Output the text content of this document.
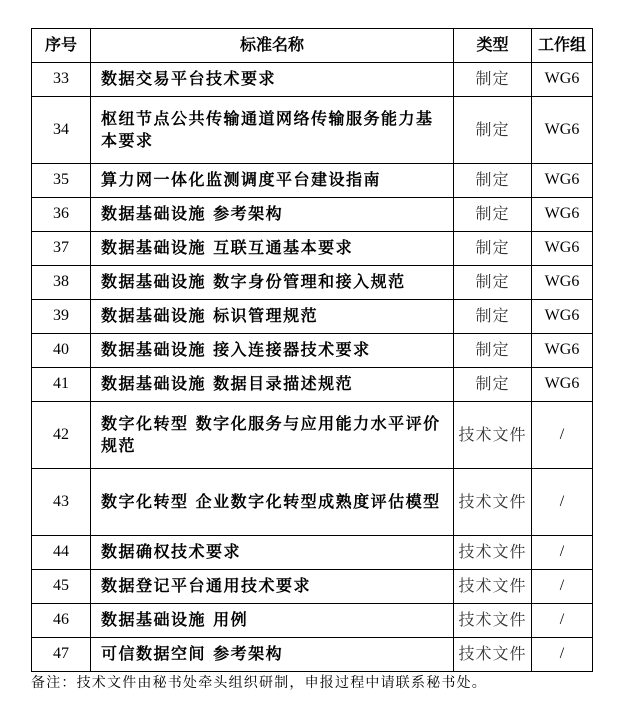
序号	标准名称	类型	工作组
33	数据交易平台技术要求	制定	WG6
34	枢纽节点公共传输通道网络传输服务能力基本要求	制定	WG6
35	算力网一体化监测调度平台建设指南	制定	WG6
36	数据基础设施 参考架构	制定	WG6
37	数据基础设施 互联互通基本要求	制定	WG6
38	数据基础设施 数字身份管理和接入规范	制定	WG6
39	数据基础设施 标识管理规范	制定	WG6
40	数据基础设施 接入连接器技术要求	制定	WG6
41	数据基础设施 数据目录描述规范	制定	WG6
42	数字化转型 数字化服务与应用能力水平评价规范	技术文件	/
43	数字化转型 企业数字化转型成熟度评估模型	技术文件	/
44	数据确权技术要求	技术文件	/
45	数据登记平台通用技术要求	技术文件	/
46	数据基础设施 用例	技术文件	/
47	可信数据空间 参考架构	技术文件	/
备注：技术文件由秘书处牵头组织研制，申报过程中请联系秘书处。
